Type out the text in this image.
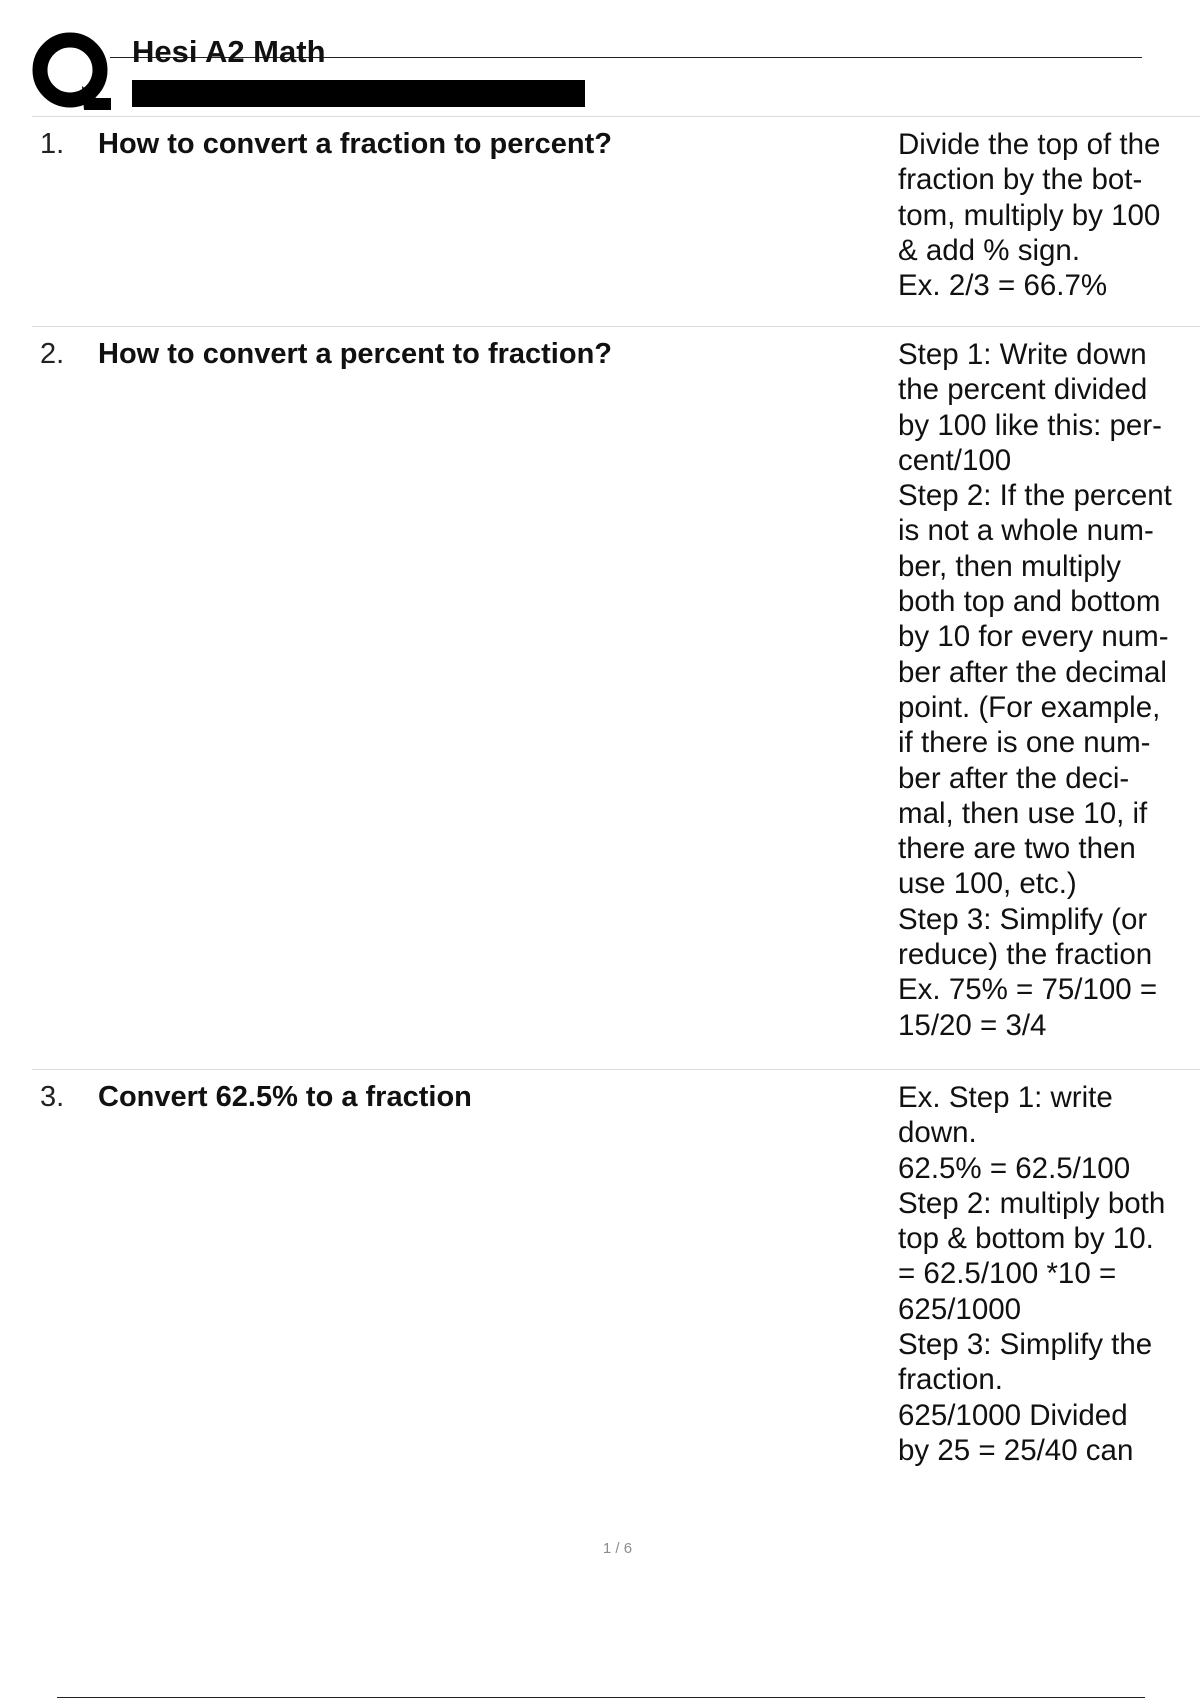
Hesi A2 Math
1. How to convert a fraction to percent?	Divide the top of the
fraction by the bot-
tom, multiply by 100
& add % sign.
Ex. 2/3 = 66.7%
2. How to convert a percent to fraction?	Step 1: Write down
the percent divided
by 100 like this: per-
cent/100
Step 2: If the percent
is not a whole num-
ber, then multiply
both top and bottom
by 10 for every num-
ber after the decimal
point. (For example,
if there is one num-
ber after the deci-
mal, then use 10, if
there are two then
use 100, etc.)
Step 3: Simplify (or
reduce) the fraction
Ex. 75% = 75/100 =
15/20 = 3/4
3. Convert 62.5% to a fraction	Ex. Step 1: write
down.
62.5% = 62.5/100
Step 2: multiply both
top & bottom by 10.
= 62.5/100 *10 =
625/1000
Step 3: Simplify the
fraction.
625/1000 Divided
by 25 = 25/40 can
1 / 6
